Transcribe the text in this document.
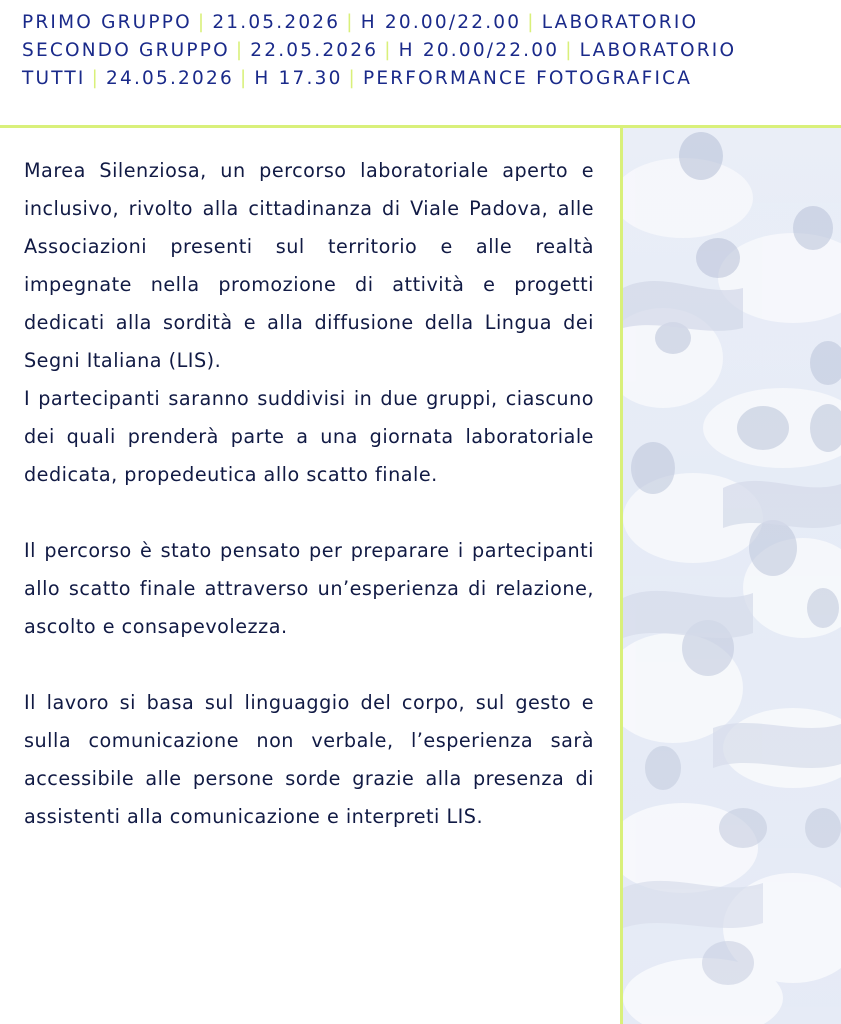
PRIMO GRUPPO | 21.05.2026 | H 20.00/22.00 | LABORATORIO
SECONDO GRUPPO | 22.05.2026 | H 20.00/22.00 | LABORATORIO
TUTTI | 24.05.2026 | H 17.30 | PERFORMANCE FOTOGRAFICA

Marea Silenziosa, un percorso laboratoriale aperto e inclusivo, rivolto alla cittadinanza di Viale Padova, alle Associazioni presenti sul territorio e alle realtà impegnate nella promozione di attività e progetti dedicati alla sordità e alla diffusione della Lingua dei Segni Italiana (LIS).

I partecipanti saranno suddivisi in due gruppi, ciascuno dei quali prenderà parte a una giornata laboratoriale dedicata, propedeutica allo scatto finale.

Il percorso è stato pensato per preparare i partecipanti allo scatto finale attraverso un’esperienza di relazione, ascolto e consapevolezza.

Il lavoro si basa sul linguaggio del corpo, sul gesto e sulla comunicazione non verbale, l’esperienza sarà accessibile alle persone sorde grazie alla presenza di assistenti alla comunicazione e interpreti LIS.
